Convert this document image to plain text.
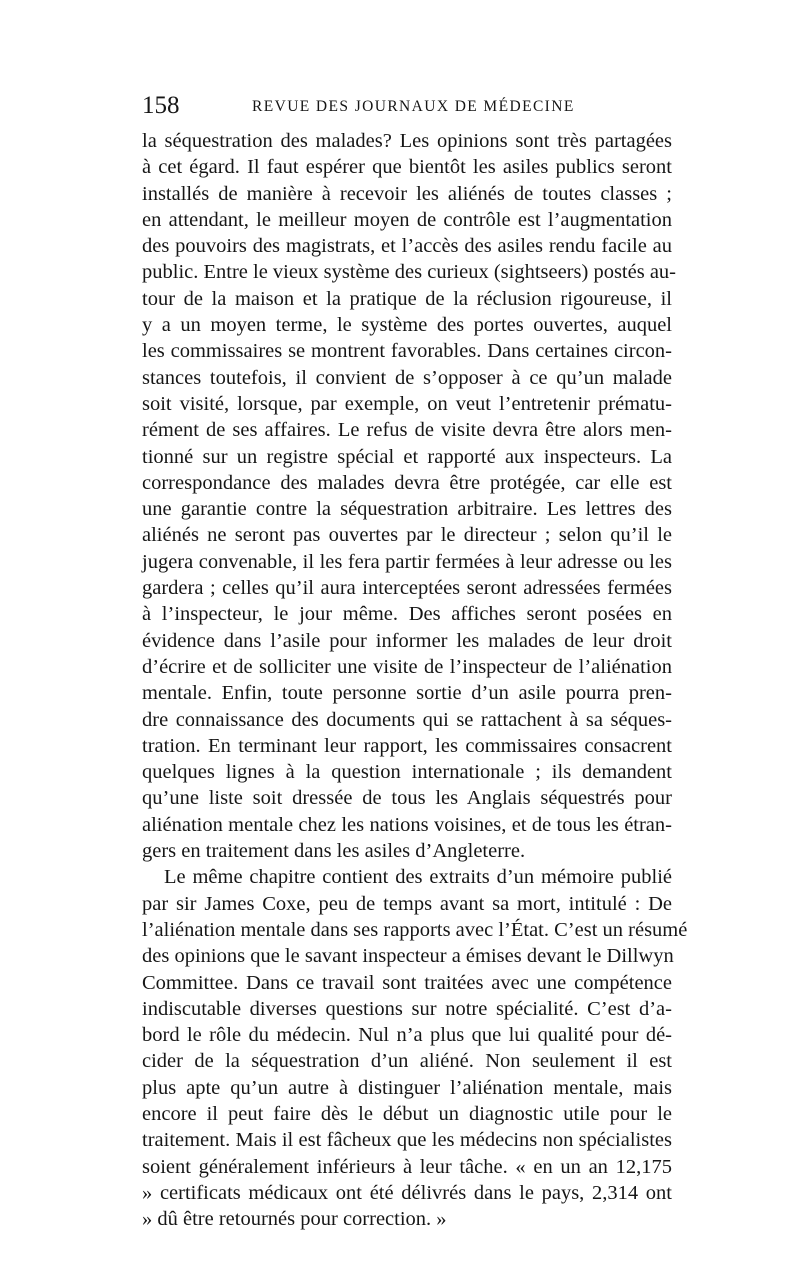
158	REVUE DES JOURNAUX DE MÉDECINE
la séquestration des malades? Les opinions sont très partagées
à cet égard. Il faut espérer que bientôt les asiles publics seront
installés de manière à recevoir les aliénés de toutes classes ;
en attendant, le meilleur moyen de contrôle est l’augmentation
des pouvoirs des magistrats, et l’accès des asiles rendu facile au
public. Entre le vieux système des curieux (sightseers) postés au-
tour de la maison et la pratique de la réclusion rigoureuse, il
y a un moyen terme, le système des portes ouvertes, auquel
les commissaires se montrent favorables. Dans certaines circon-
stances toutefois, il convient de s’opposer à ce qu’un malade
soit visité, lorsque, par exemple, on veut l’entretenir prématu-
rément de ses affaires. Le refus de visite devra être alors men-
tionné sur un registre spécial et rapporté aux inspecteurs. La
correspondance des malades devra être protégée, car elle est
une garantie contre la séquestration arbitraire. Les lettres des
aliénés ne seront pas ouvertes par le directeur ; selon qu’il le
jugera convenable, il les fera partir fermées à leur adresse ou les
gardera ; celles qu’il aura interceptées seront adressées fermées
à l’inspecteur, le jour même. Des affiches seront posées en
évidence dans l’asile pour informer les malades de leur droit
d’écrire et de solliciter une visite de l’inspecteur de l’aliénation
mentale. Enfin, toute personne sortie d’un asile pourra pren-
dre connaissance des documents qui se rattachent à sa séques-
tration. En terminant leur rapport, les commissaires consacrent
quelques lignes à la question internationale ; ils demandent
qu’une liste soit dressée de tous les Anglais séquestrés pour
aliénation mentale chez les nations voisines, et de tous les étran-
gers en traitement dans les asiles d’Angleterre.
Le même chapitre contient des extraits d’un mémoire publié
par sir James Coxe, peu de temps avant sa mort, intitulé : De
l’aliénation mentale dans ses rapports avec l’État. C’est un résumé
des opinions que le savant inspecteur a émises devant le Dillwyn
Committee. Dans ce travail sont traitées avec une compétence
indiscutable diverses questions sur notre spécialité. C’est d’a-
bord le rôle du médecin. Nul n’a plus que lui qualité pour dé-
cider de la séquestration d’un aliéné. Non seulement il est
plus apte qu’un autre à distinguer l’aliénation mentale, mais
encore il peut faire dès le début un diagnostic utile pour le
traitement. Mais il est fâcheux que les médecins non spécialistes
soient généralement inférieurs à leur tâche. « en un an 12,175
» certificats médicaux ont été délivrés dans le pays, 2,314 ont
» dû être retournés pour correction. »
